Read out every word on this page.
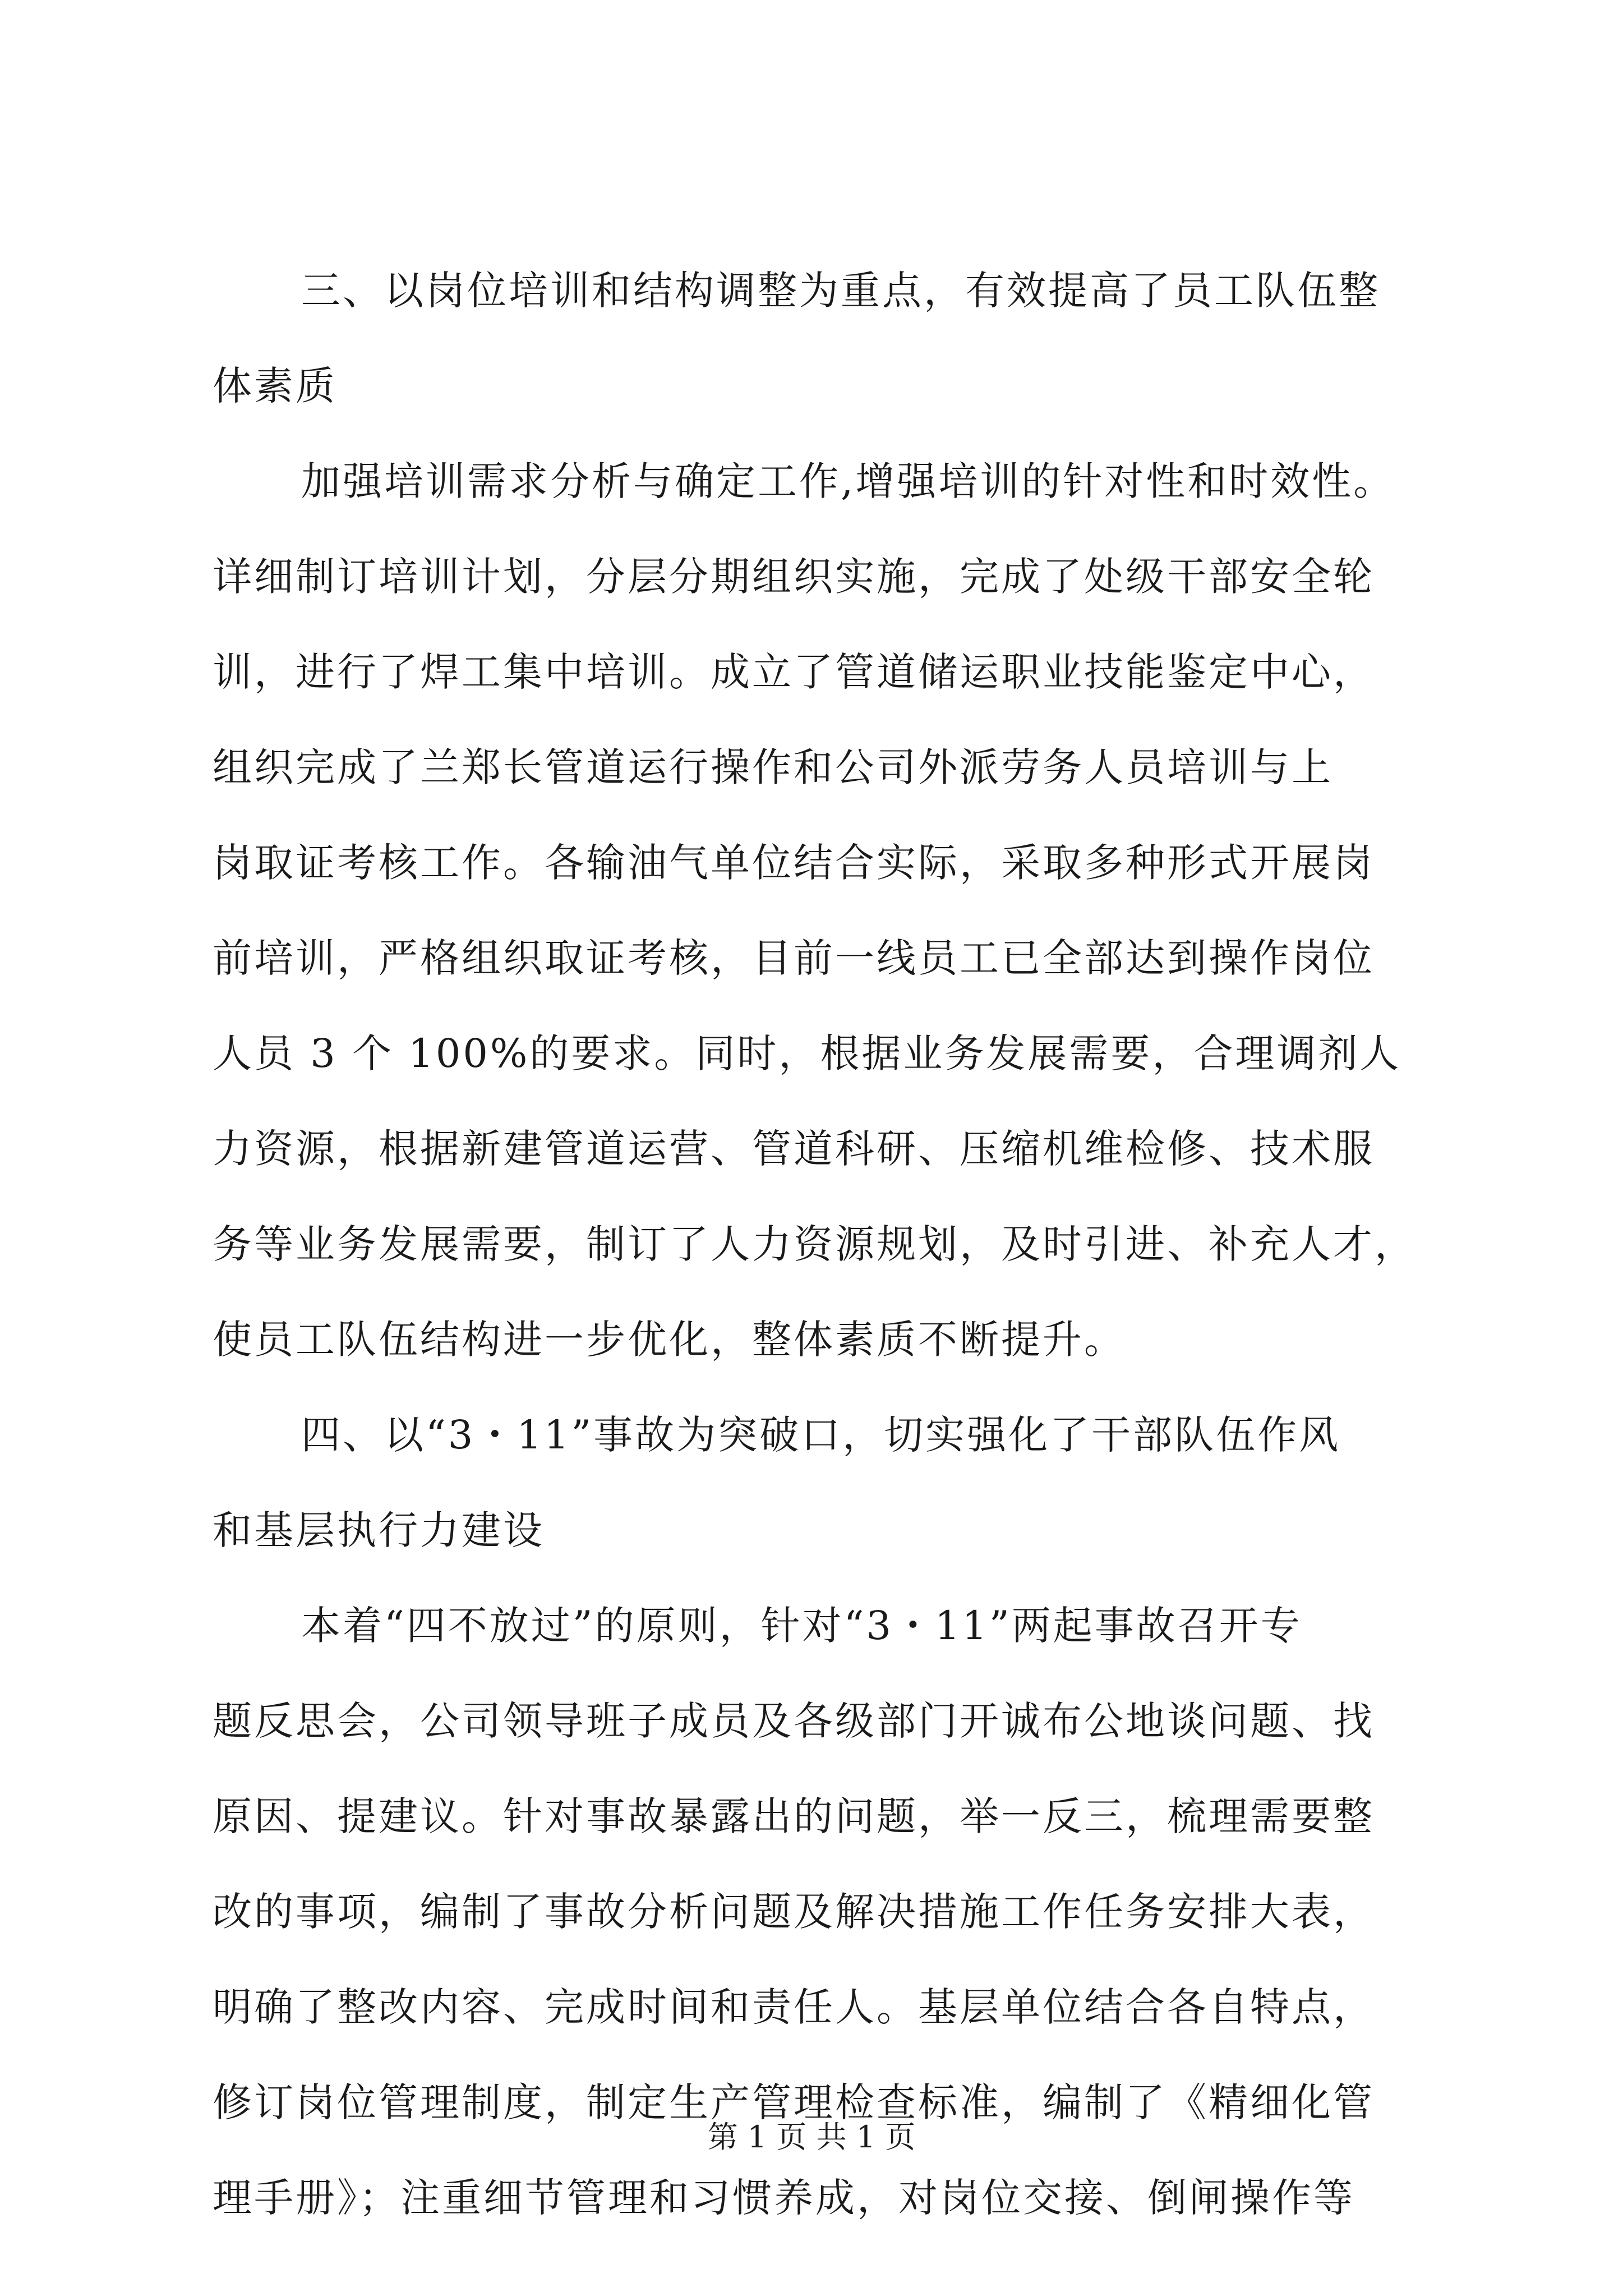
三、以岗位培训和结构调整为重点，有效提高了员工队伍整
体素质
加强培训需求分析与确定工作,增强培训的针对性和时效性。
详细制订培训计划，分层分期组织实施，完成了处级干部安全轮
训，进行了焊工集中培训。成立了管道储运职业技能鉴定中心，
组织完成了兰郑长管道运行操作和公司外派劳务人员培训与上
岗取证考核工作。各输油气单位结合实际，采取多种形式开展岗
前培训，严格组织取证考核，目前一线员工已全部达到操作岗位
人员 3 个 100%的要求。同时，根据业务发展需要，合理调剂人
力资源，根据新建管道运营、管道科研、压缩机维检修、技术服
务等业务发展需要，制订了人力资源规划，及时引进、补充人才，
使员工队伍结构进一步优化，整体素质不断提升。
四、以“3・11”事故为突破口，切实强化了干部队伍作风
和基层执行力建设
本着“四不放过”的原则，针对“3・11”两起事故召开专
题反思会，公司领导班子成员及各级部门开诚布公地谈问题、找
原因、提建议。针对事故暴露出的问题，举一反三，梳理需要整
改的事项，编制了事故分析问题及解决措施工作任务安排大表，
明确了整改内容、完成时间和责任人。基层单位结合各自特点，
修订岗位管理制度，制定生产管理检查标准，编制了《精细化管
理手册》；注重细节管理和习惯养成，对岗位交接、倒闸操作等
第 1 页 共 1 页
